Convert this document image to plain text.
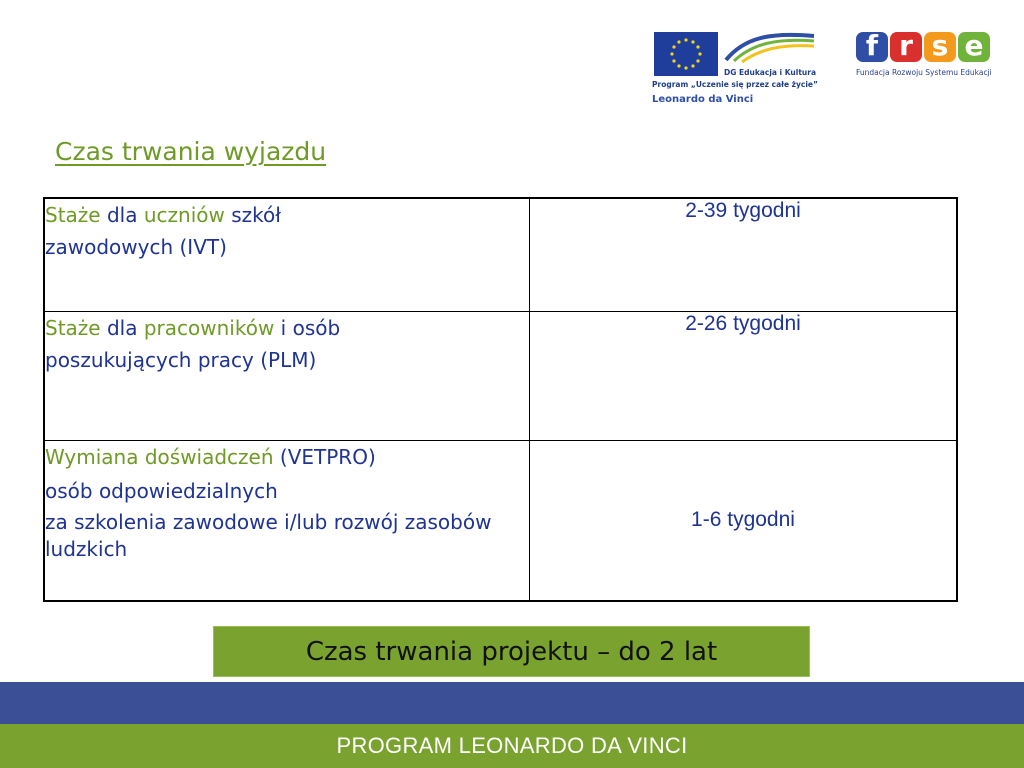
DG Edukacja i Kultura
Program „Uczenie się przez całe życie”
Leonardo da Vinci
f r s e
Fundacja Rozwoju Systemu Edukacji
Czas trwania wyjazdu
Staże dla uczniów szkół
zawodowych (IVT)	2-39 tygodni
Staże dla pracowników i osób
poszukujących pracy (PLM)	2-26 tygodni

Wymiana doświadczeń (VETPRO)

osób odpowiedzialnych

za szkolenia zawodowe i/lub rozwój zasobów ludzkich	1-6 tygodni
Czas trwania projektu – do 2 lat
PROGRAM LEONARDO DA VINCI
